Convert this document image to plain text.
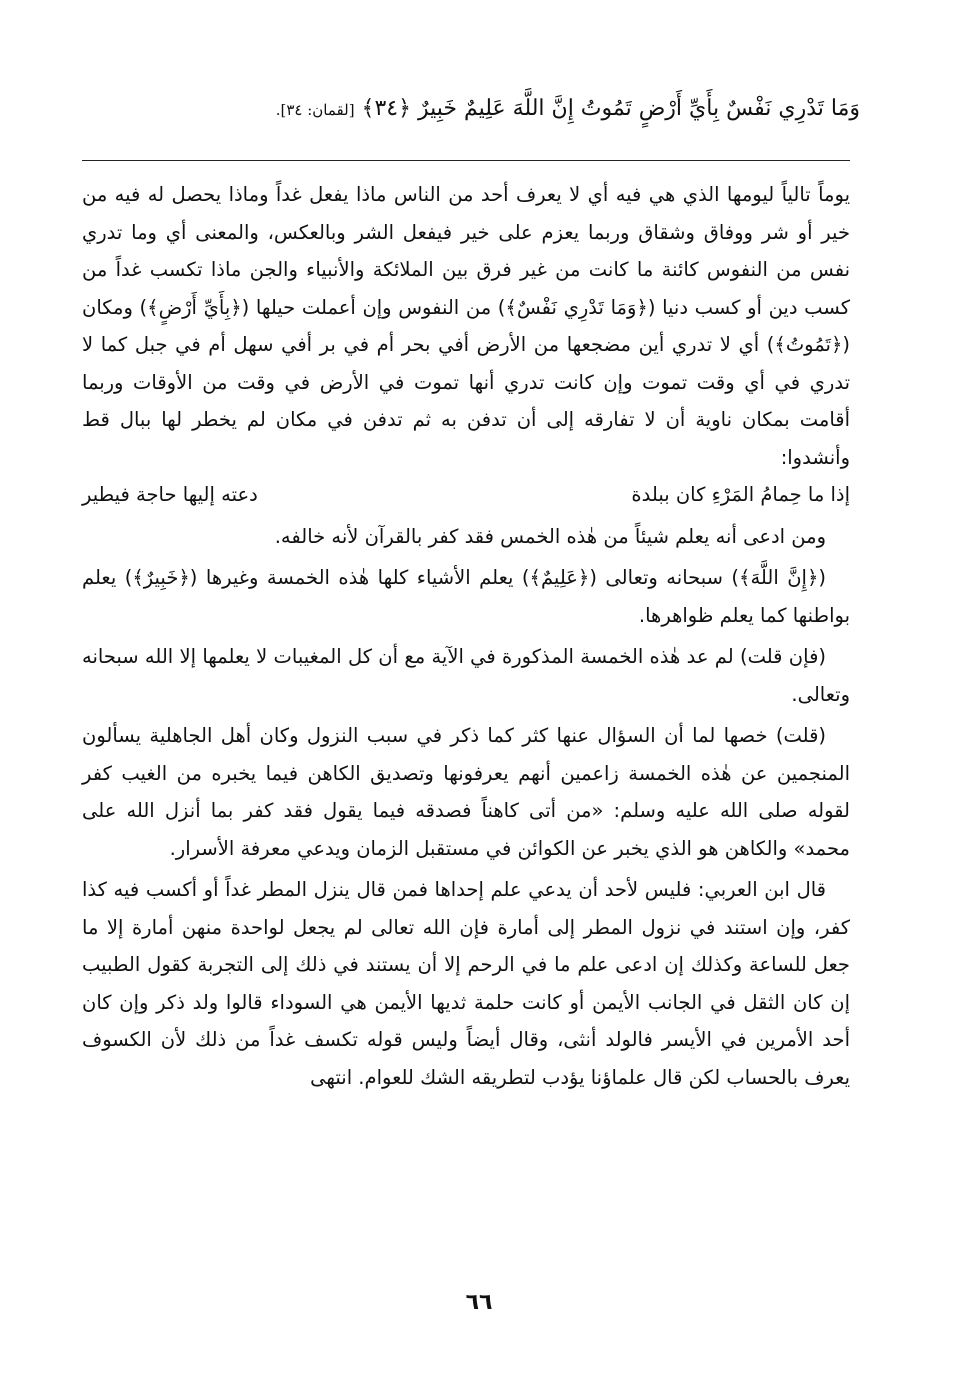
وَمَا تَدْرِي نَفْسٌ بِأَيِّ أَرْضٍ تَمُوتُ إِنَّ اللَّهَ عَلِيمٌ خَبِيرٌ ﴿٣٤﴾ [لقمان: ٣٤].

يوماً تالياً ليومها الذي هي فيه أي لا يعرف أحد من الناس ماذا يفعل غداً وماذا يحصل له فيه من خير أو شر ووفاق وشقاق وربما يعزم على خير فيفعل الشر وبالعكس، والمعنى أي وما تدري نفس من النفوس كائنة ما كانت من غير فرق بين الملائكة والأنبياء والجن ماذا تكسب غداً من كسب دين أو كسب دنيا (﴿وَمَا تَدْرِي نَفْسٌ﴾) من النفوس وإن أعملت حيلها (﴿بِأَيِّ أَرْضٍ﴾) ومكان (﴿تَمُوتُ﴾) أي لا تدري أين مضجعها من الأرض أفي بحر أم في بر أفي سهل أم في جبل كما لا تدري في أي وقت تموت وإن كانت تدري أنها تموت في الأرض في وقت من الأوقات وربما أقامت بمكان ناوية أن لا تفارقه إلى أن تدفن به ثم تدفن في مكان لم يخطر لها ببال قط وأنشدوا:

إذا ما حِمامُ المَرْءِ كان ببلدة
دعته إليها حاجة فيطير

ومن ادعى أنه يعلم شيئاً من هٰذه الخمس فقد كفر بالقرآن لأنه خالفه.

(﴿إِنَّ اللَّهَ﴾) سبحانه وتعالى (﴿عَلِيمٌ﴾) يعلم الأشياء كلها هٰذه الخمسة وغيرها (﴿خَبِيرٌ﴾) يعلم بواطنها كما يعلم ظواهرها.

(فإن قلت) لم عد هٰذه الخمسة المذكورة في الآية مع أن كل المغيبات لا يعلمها إلا الله سبحانه وتعالى.

(قلت) خصها لما أن السؤال عنها كثر كما ذكر في سبب النزول وكان أهل الجاهلية يسألون المنجمين عن هٰذه الخمسة زاعمين أنهم يعرفونها وتصديق الكاهن فيما يخبره من الغيب كفر لقوله صلى الله عليه وسلم: «من أتى كاهناً فصدقه فيما يقول فقد كفر بما أنزل الله على محمد» والكاهن هو الذي يخبر عن الكوائن في مستقبل الزمان ويدعي معرفة الأسرار.

قال ابن العربي: فليس لأحد أن يدعي علم إحداها فمن قال ينزل المطر غداً أو أكسب فيه كذا كفر، وإن استند في نزول المطر إلى أمارة فإن الله تعالى لم يجعل لواحدة منهن أمارة إلا ما جعل للساعة وكذلك إن ادعى علم ما في الرحم إلا أن يستند في ذلك إلى التجربة كقول الطبيب إن كان الثقل في الجانب الأيمن أو كانت حلمة ثديها الأيمن هي السوداء قالوا ولد ذكر وإن كان أحد الأمرين في الأيسر فالولد أنثى، وقال أيضاً وليس قوله تكسف غداً من ذلك لأن الكسوف يعرف بالحساب لكن قال علماؤنا يؤدب لتطريقه الشك للعوام. انتهى

٦٦
